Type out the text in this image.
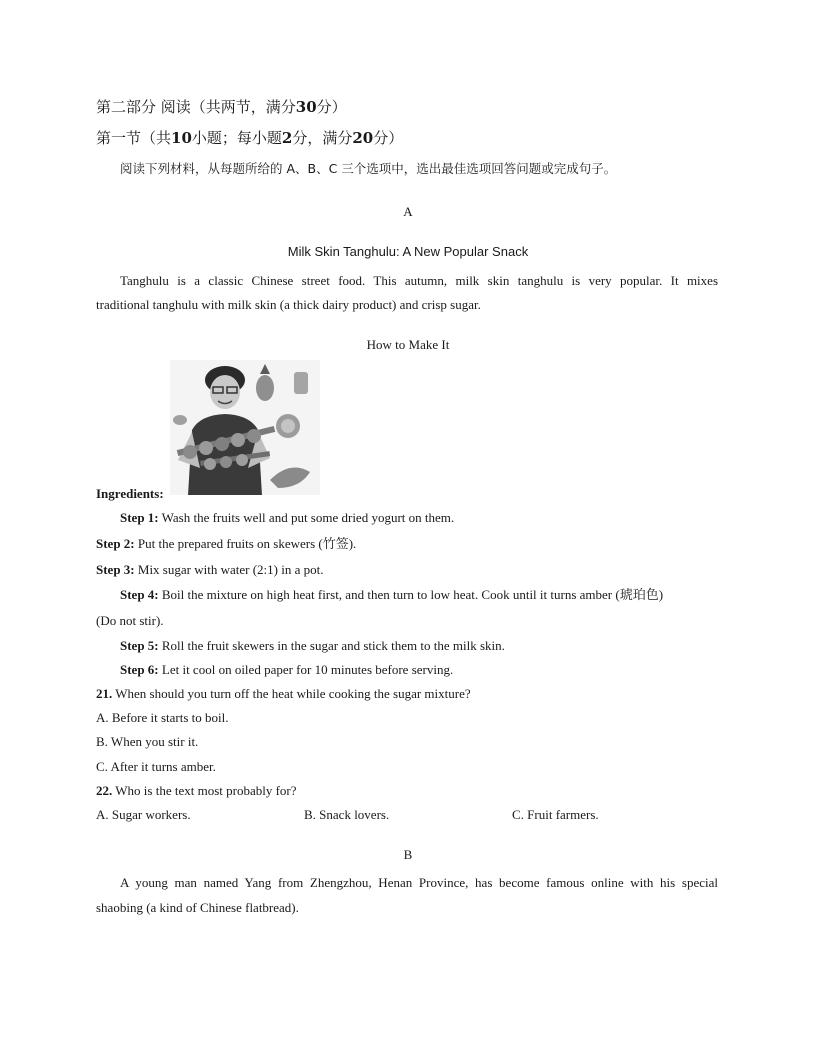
第二部分 阅读（共两节，满分30分）
第一节（共10小题；每小题2分，满分20分）
阅读下列材料，从每题所给的 A、B、C 三个选项中，选出最佳选项回答问题或完成句子。
A
Milk Skin Tanghulu: A New Popular Snack
Tanghulu is a classic Chinese street food. This autumn, milk skin tanghulu is very popular. It mixes
traditional tanghulu with milk skin (a thick dairy product) and crisp sugar.
How to Make It
Ingredients:
Step 1: Wash the fruits well and put some dried yogurt on them.
Step 2: Put the prepared fruits on skewers (竹签).
Step 3: Mix sugar with water (2:1) in a pot.
Step 4: Boil the mixture on high heat first, and then turn to low heat. Cook until it turns amber (琥珀色)
(Do not stir).
Step 5: Roll the fruit skewers in the sugar and stick them to the milk skin.
Step 6: Let it cool on oiled paper for 10 minutes before serving.
21. When should you turn off the heat while cooking the sugar mixture?
A. Before it starts to boil.
B. When you stir it.
C. After it turns amber.
22. Who is the text most probably for?
A. Sugar workers.	B. Snack lovers.	C. Fruit farmers.
B
A young man named Yang from Zhengzhou, Henan Province, has become famous online with his special
shaobing (a kind of Chinese flatbread).
